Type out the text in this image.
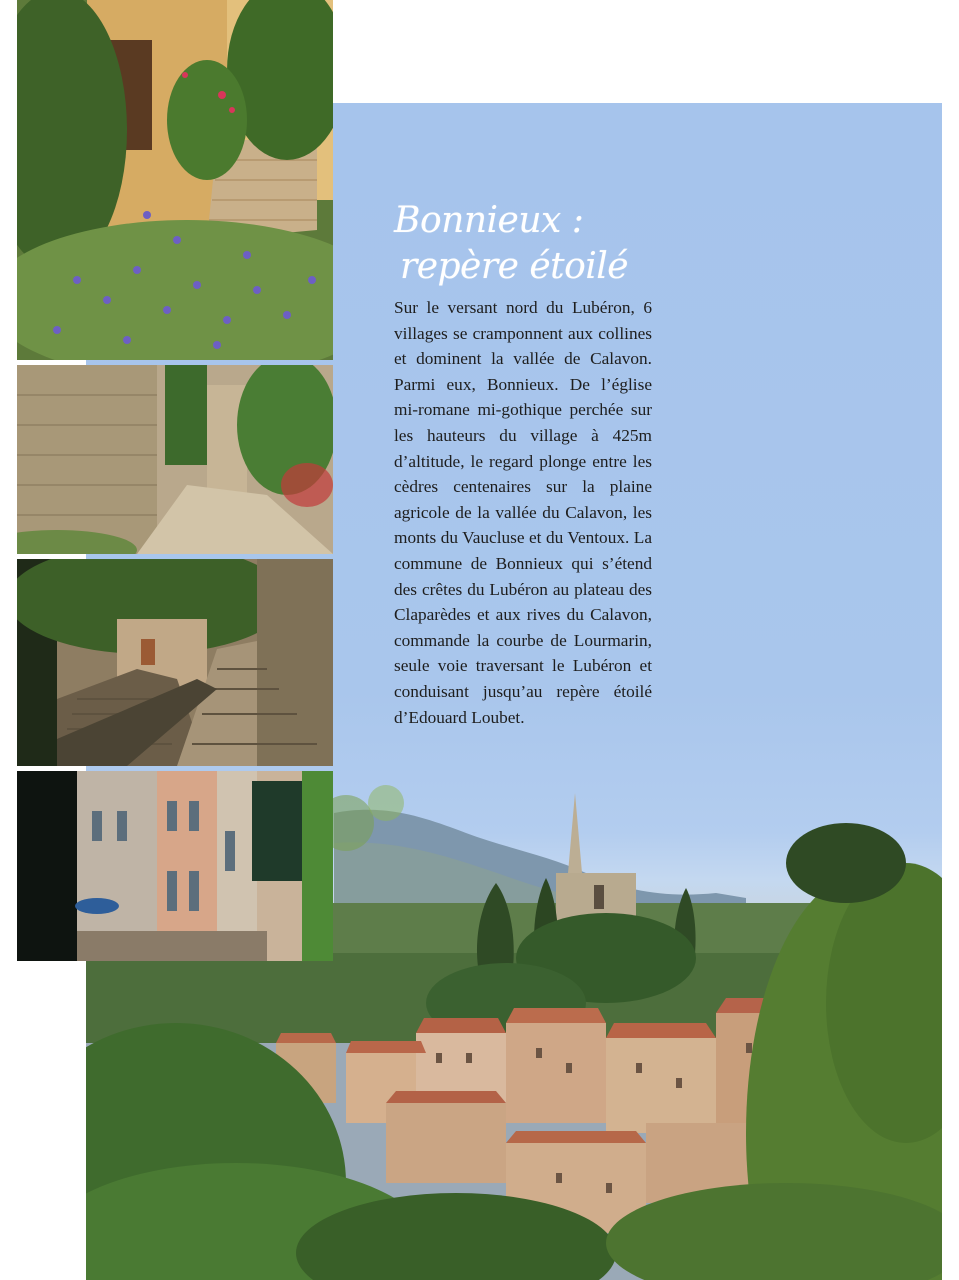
Bonnieux :
repère étoilé
Sur le versant nord du Lubéron, 6 villages se cramponnent aux collines et dominent la vallée de Calavon. Parmi eux, Bonnieux. De l’église mi-romane mi-gothique perchée sur les hauteurs du village à 425m d’altitude, le regard plonge entre les cèdres centenaires sur la plaine agricole de la vallée du Calavon, les monts du Vaucluse et du Ventoux. La commune de Bonnieux qui s’étend des crêtes du Lubéron au plateau des Claparèdes et aux rives du Calavon, commande la courbe de Lourmarin, seule voie traversant le Lubéron et conduisant jusqu’au repère étoilé d’Edouard Loubet.
